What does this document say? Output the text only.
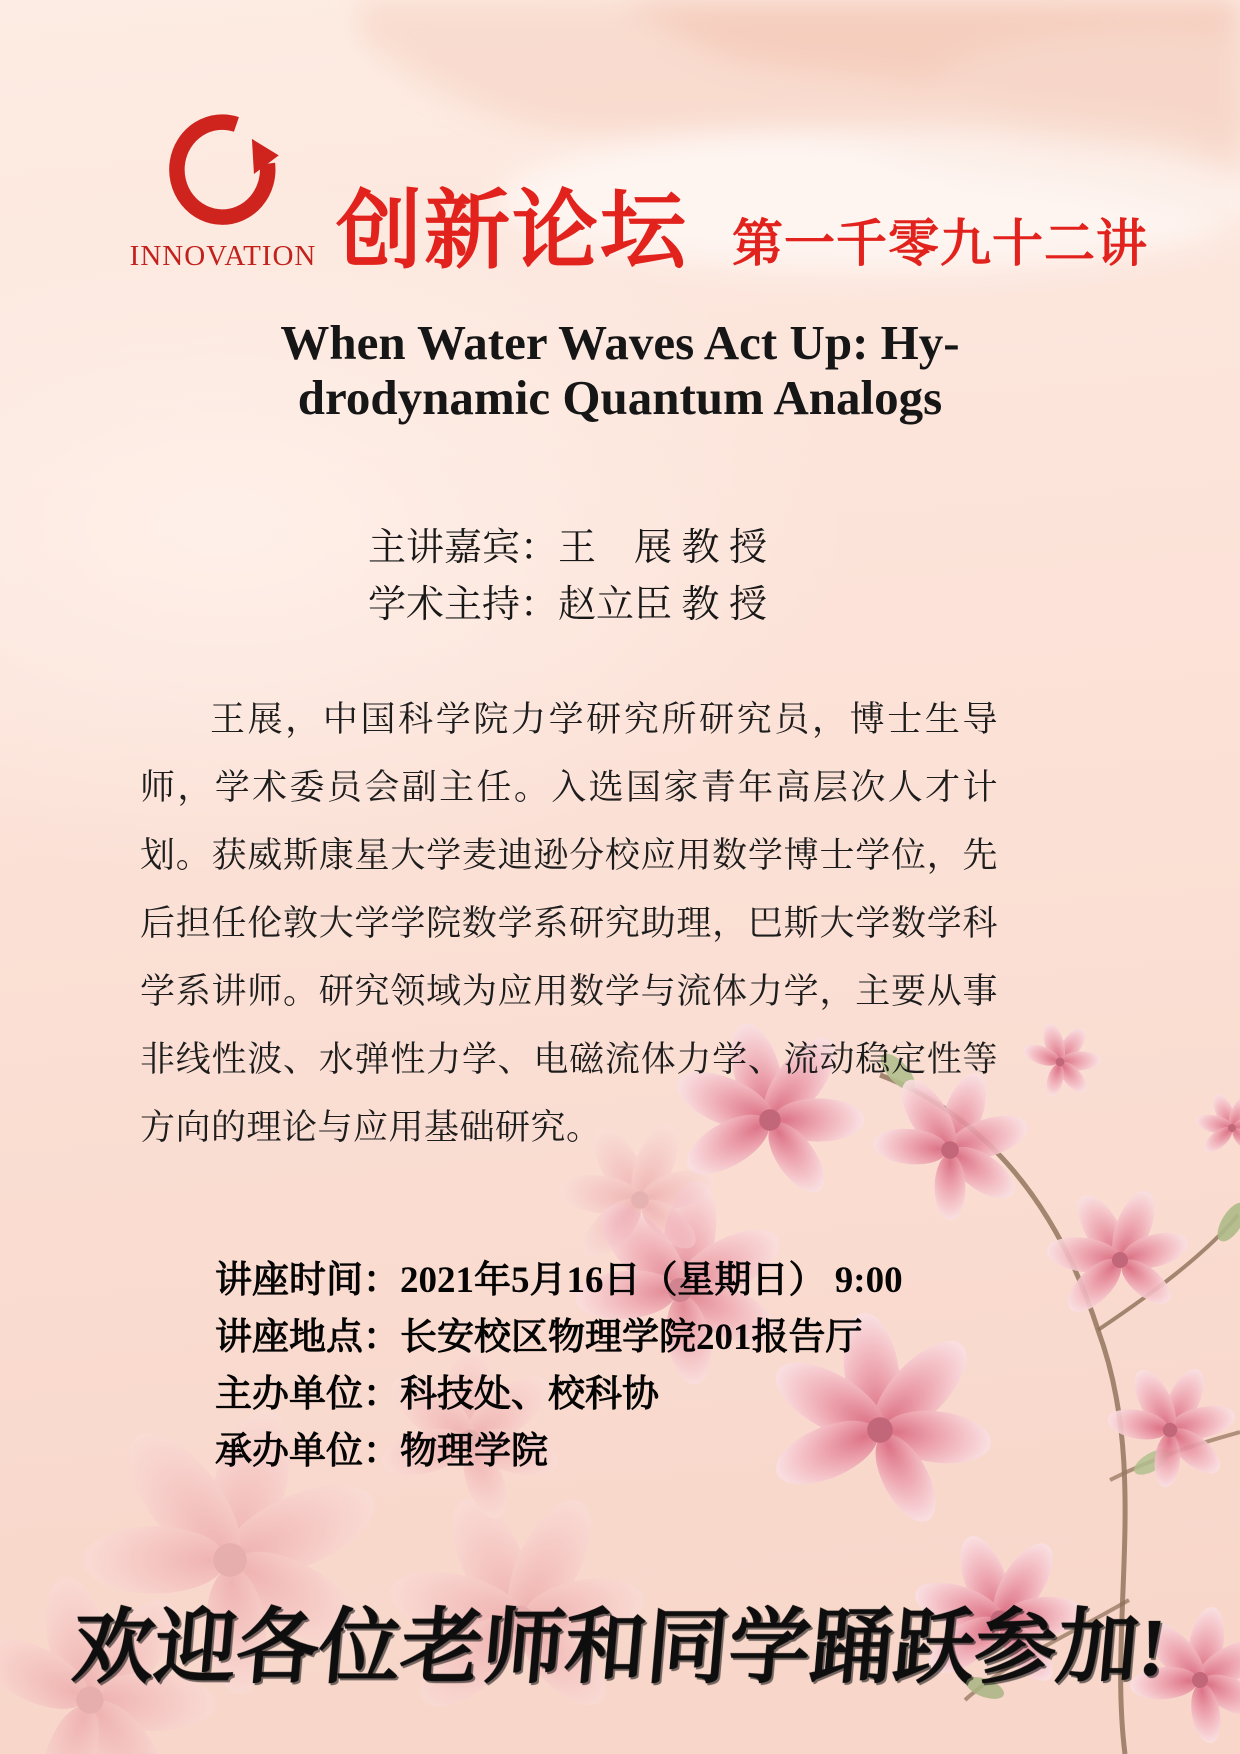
INNOVATION 创新论坛 第一千零九十二讲
When Water Waves Act Up: Hy-
drodynamic Quantum Analogs
主讲嘉宾：王　展 教 授
学术主持：赵立臣 教 授

王展，中国科学院力学研究所研究员，博士生导师，学术委员会副主任。入选国家青年高层次人才计划。获威斯康星大学麦迪逊分校应用数学博士学位，先后担任伦敦大学学院数学系研究助理，巴斯大学数学科学系讲师。研究领域为应用数学与流体力学，主要从事非线性波、水弹性力学、电磁流体力学、流动稳定性等方向的理论与应用基础研究。

讲座时间：2021年5月16日（星期日） 9:00
讲座地点：长安校区物理学院201报告厅
主办单位：科技处、校科协
承办单位：物理学院
欢迎各位老师和同学踊跃参加!
